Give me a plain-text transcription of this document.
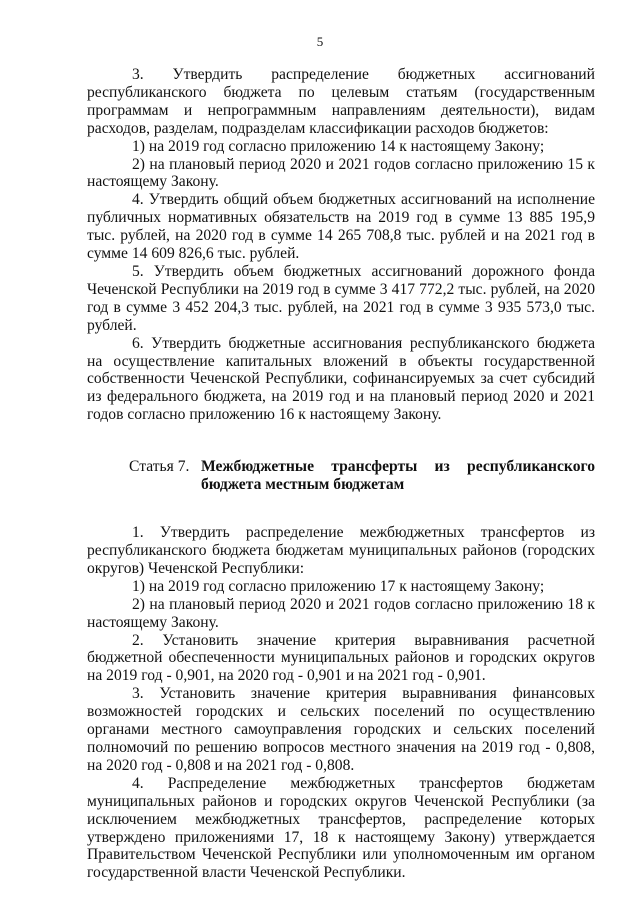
5

3. Утвердить распределение бюджетных ассигнований республиканского бюджета по целевым статьям (государственным программам и непрограммным направлениям деятельности), видам расходов, разделам, подразделам классификации расходов бюджетов:

1) на 2019 год согласно приложению 14 к настоящему Закону;

2) на плановый период 2020 и 2021 годов согласно приложению 15 к настоящему Закону.

4. Утвердить общий объем бюджетных ассигнований на исполнение публичных нормативных обязательств на 2019 год в сумме 13 885 195,9 тыс. рублей, на 2020 год в сумме 14 265 708,8 тыс. рублей и на 2021 год в сумме 14 609 826,6 тыс. рублей.

5. Утвердить объем бюджетных ассигнований дорожного фонда Чеченской Республики на 2019 год в сумме 3 417 772,2 тыс. рублей, на 2020 год в сумме 3 452 204,3 тыс. рублей, на 2021 год в сумме 3 935 573,0 тыс. рублей.

6. Утвердить бюджетные ассигнования республиканского бюджета на осуществление капитальных вложений в объекты государственной собственности Чеченской Республики, софинансируемых за счет субсидий из федерального бюджета, на 2019 год и на плановый период 2020 и 2021 годов согласно приложению 16 к настоящему Закону.

Статья 7. Межбюджетные трансферты из республиканского бюджета местным бюджетам

1. Утвердить распределение межбюджетных трансфертов из республиканского бюджета бюджетам муниципальных районов (городских округов) Чеченской Республики:

1) на 2019 год согласно приложению 17 к настоящему Закону;

2) на плановый период 2020 и 2021 годов согласно приложению 18 к настоящему Закону.

2. Установить значение критерия выравнивания расчетной бюджетной обеспеченности муниципальных районов и городских округов на 2019 год - 0,901, на 2020 год - 0,901 и на 2021 год - 0,901.

3. Установить значение критерия выравнивания финансовых возможностей городских и сельских поселений по осуществлению органами местного самоуправления городских и сельских поселений полномочий по решению вопросов местного значения на 2019 год - 0,808, на 2020 год - 0,808 и на 2021 год - 0,808.

4. Распределение межбюджетных трансфертов бюджетам муниципальных районов и городских округов Чеченской Республики (за исключением межбюджетных трансфертов, распределение которых утверждено приложениями 17, 18 к настоящему Закону) утверждается Правительством Чеченской Республики или уполномоченным им органом государственной власти Чеченской Республики.
